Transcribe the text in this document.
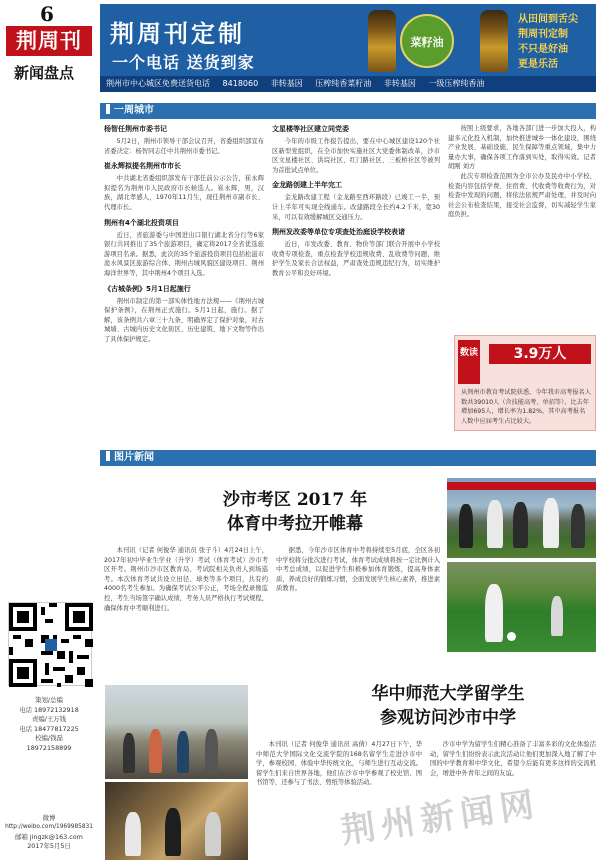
6
荆周刊
新闻盘点
荆周刊定制
一个电话 送货到家
菜籽油
从田间到舌尖
荆周刊定制
不只是好油
更是乐活
荆州市中心城区免费送货电话 8418060 非转基因 压榨纯香菜籽油 非转基因 一级压榨纯香油
一周城市
杨智任荆州市委书记

5月2日，荆州市领导干部会议召开，省委组织部宣布省委决定：杨智同志任中共荆州市委书记。

崔永辉拟提名荆州市市长

中共湖北省委组织部发布干部任前公示公告，崔永辉拟提名为荆州市人民政府市长候选人。崔永辉，男，汉族，湖北孝感人，1970年11月生，现任荆州市副市长、代理市长。

荆州有4个湖北投资项目

近日，省旅游委与中国进出口银行湖北省分行等6家银行共同推出了35个旅游项目，确定将2017全省优选旅游项目名录。据悉，此次的35个旅游投资项目包括松滋市洈水风景区旅游综合体、荆州古城风貌区建设项目、荆州海洋世界等，其中荆州4个项目入选。

《古城条例》5月1日起施行

荆州市制定的第一部实体性地方法规——《荆州古城保护条例》，在荆州正式施行。5月1日起，施行。据了解，该条例共六章三十九条，明确界定了保护对象，对古城墙、古城内历史文化街区、历史建筑、地下文物等作出了具体保护规定。

文星楼等社区建立同党委

今年的市级工作报告提出，要在中心城区建设120个社区新型党组织，在全市加快实施社区大党委体制改革，沙市区文星楼社区、洪垸社区、红门路社区、三板桥社区等被列为首批试点单位。

金龙路创建上半年完工

金龙路改建工程（金龙路至西环路段）已竣工一半，预计上半年可实现全线通车。改建路段全长约4.2千米，宽30米，可以有效缓解城区交通压力。

荆州发改委等单位专项查处治庭设学校表诸

近日，市发改委、教育、物价等部门联合开展中小学校收费专项检查，重点检查学校违规收费、乱收费等问题，维护学生及家长合法权益，严肃查处违规违纪行为，切实维护教育公平和良好环境。

按照上级要求，各地各部门进一步加大投入，构建多元化投入机制，加快推进城乡一体化建设，围绕产业发展、基础设施、民生保障等重点领域，集中力量办大事，确保各项工作落到实处，取得实效。记者 胡刚 刘方

此次专项检查范围为全市公办及民办中小学校，检查内容包括学费、住宿费、代收费等收费行为，对检查中发现的问题，将依法依规严肃处理，并及时向社会公布检查结果，接受社会监督，切实减轻学生家庭负担。

数读	3.9万人
从荆州市教育考试院获悉，今年我市高考报名人数共39010人（含技能高考、单招等），比去年增加695人，增长率为1.82%，其中高考报名人数中应届考生占比较大。
图片新闻
沙市考区 2017 年
体育中考拉开帷幕

本刊讯（记者 何俊华 通讯员 张子斗）4月24日上午，2017年初中毕业生学业（升学）考试（体育考试）沙市考区开考。荆州市沙市区教育局、考试院相关负责人到场巡考。本次体育考试共设立田径、球类等多个项目，共有约4000名考生参加。为确保考试公平公正，考场全程录像监控，考生当场签字确认成绩，考务人员严格执行考试规程，确保体育中考顺利进行。

据悉，今年沙市区体育中考将持续至5月底，全区各初中学校将分批次进行考试，体育考试成绩将按一定比例计入中考总成绩，以促进学生积极参加体育锻炼，提高身体素质，养成良好的锻炼习惯，全面发展学生核心素养，推进素质教育。

华中师范大学留学生
参观访问沙市中学

本刊讯（记者 何俊华 通讯员 高倩）4月27日下午，华中师范大学国际文化交流学院的168名留学生走进沙市中学，参观校园、体验中华传统文化，与师生进行互动交流。留学生们来自世界各地，他们在沙市中学参观了校史馆、图书馆等，还参与了书法、剪纸等体验活动。

沙市中学为留学生们精心准备了丰富多彩的文化体验活动，留学生们纷纷表示此次活动让他们更加深入地了解了中国的中学教育和中华文化，希望今后能有更多这样的交流机会，增进中外青年之间的友谊。

策划/总编
电话 18972132918
责编/王万钱
电话 18477817225
校编/钱磊
18972158899
微博
http://weibo.com/1969985831
邮箱 jingzk@163.com
2017年5月5日	荆州新闻网
